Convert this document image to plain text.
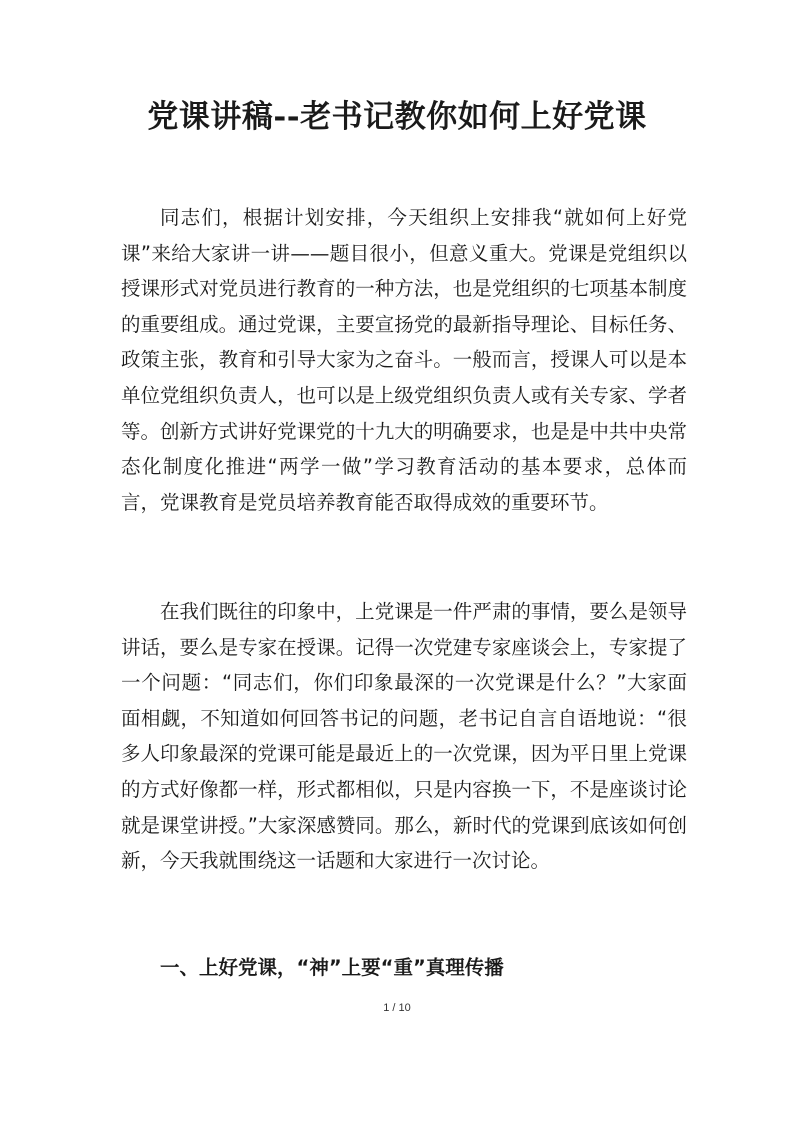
党课讲稿--老书记教你如何上好党课

同志们，根据计划安排，今天组织上安排我“就如何上好党课”来给大家讲一讲——题目很小，但意义重大。党课是党组织以授课形式对党员进行教育的一种方法，也是党组织的七项基本制度的重要组成。通过党课，主要宣扬党的最新指导理论、目标任务、政策主张，教育和引导大家为之奋斗。一般而言，授课人可以是本单位党组织负责人，也可以是上级党组织负责人或有关专家、学者等。创新方式讲好党课党的十九大的明确要求，也是是中共中央常态化制度化推进“两学一做”学习教育活动的基本要求，总体而言，党课教育是党员培养教育能否取得成效的重要环节。

在我们既往的印象中，上党课是一件严肃的事情，要么是领导讲话，要么是专家在授课。记得一次党建专家座谈会上，专家提了一个问题：“同志们，你们印象最深的一次党课是什么？”大家面面相觑，不知道如何回答书记的问题，老书记自言自语地说：“很多人印象最深的党课可能是最近上的一次党课，因为平日里上党课的方式好像都一样，形式都相似，只是内容换一下，不是座谈讨论就是课堂讲授。”大家深感赞同。那么，新时代的党课到底该如何创新，今天我就围绕这一话题和大家进行一次讨论。

一、上好党课，“神”上要“重”真理传播
1 / 10
